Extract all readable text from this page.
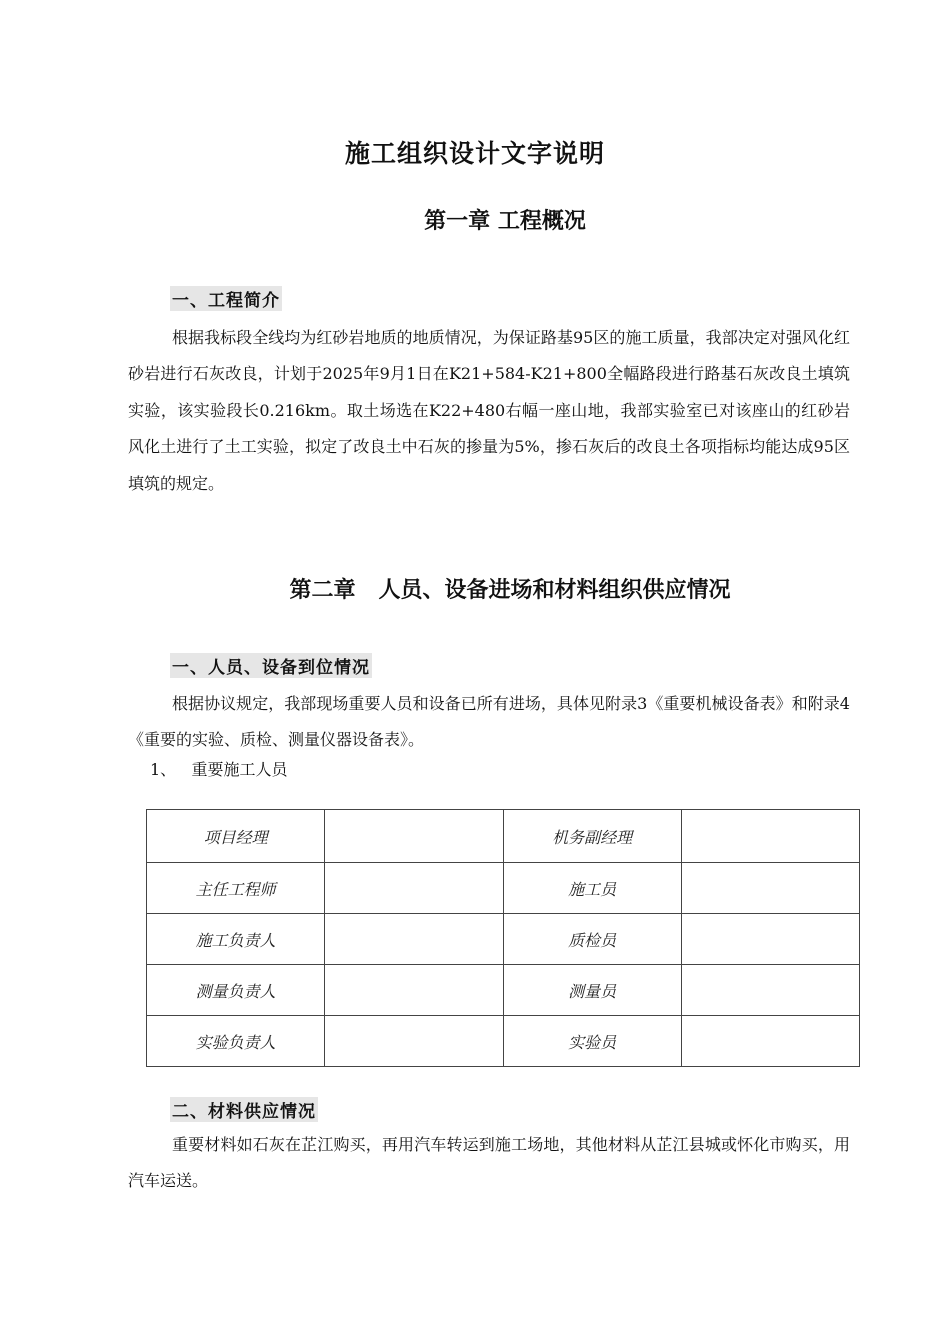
施工组织设计文字说明
第一章 工程概况
一、工程简介
根据我标段全线均为红砂岩地质的地质情况，为保证路基95区的施工质量，我部决定对强风化红砂岩进行石灰改良，计划于2025年9月1日在K21+584-K21+800全幅路段进行路基石灰改良土填筑实验，该实验段长0.216km。取土场选在K22+480右幅一座山地，我部实验室已对该座山的红砂岩风化土进行了土工实验，拟定了改良土中石灰的掺量为5%，掺石灰后的改良土各项指标均能达成95区填筑的规定。
第二章   人员、设备进场和材料组织供应情况
一、人员、设备到位情况
根据协议规定，我部现场重要人员和设备已所有进场，具体见附录3《重要机械设备表》和附录4《重要的实验、质检、测量仪器设备表》。
1、   重要施工人员
项目经理		机务副经理	
主任工程师		施工员	
施工负责人		质检员	
测量负责人		测量员	
实验负责人		实验员	
二、材料供应情况
重要材料如石灰在芷江购买，再用汽车转运到施工场地，其他材料从芷江县城或怀化市购买，用汽车运送。
